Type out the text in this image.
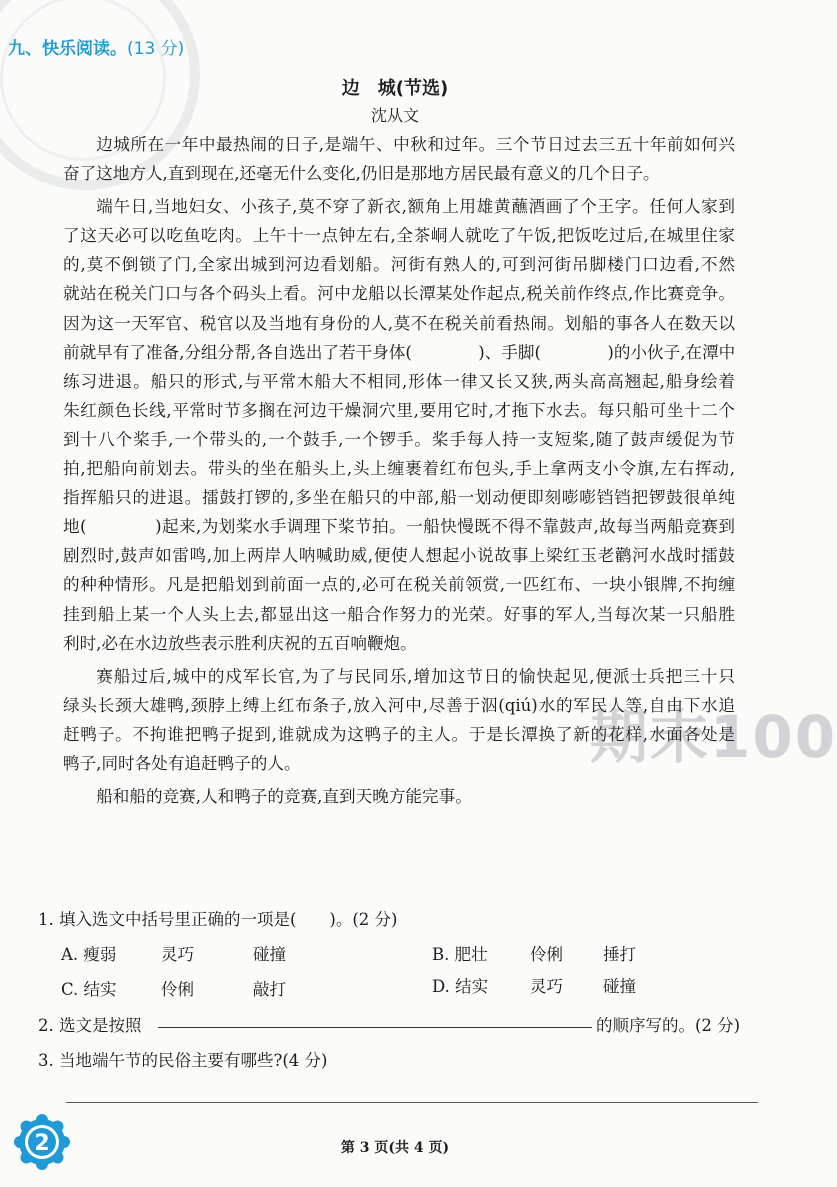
九、快乐阅读。(13 分)
边　城(节选)
沈从文

边城所在一年中最热闹的日子,是端午、中秋和过年。三个节日过去三五十年前如何兴
奋了这地方人,直到现在,还毫无什么变化,仍旧是那地方居民最有意义的几个日子。

端午日,当地妇女、小孩子,莫不穿了新衣,额角上用雄黄蘸酒画了个王字。任何人家到
了这天必可以吃鱼吃肉。上午十一点钟左右,全茶峒人就吃了午饭,把饭吃过后,在城里住家
的,莫不倒锁了门,全家出城到河边看划船。河街有熟人的,可到河街吊脚楼门口边看,不然
就站在税关门口与各个码头上看。河中龙船以长潭某处作起点,税关前作终点,作比赛竞争。
因为这一天军官、税官以及当地有身份的人,莫不在税关前看热闹。划船的事各人在数天以
前就早有了准备,分组分帮,各自选出了若干身体(　　　　)、手脚(　　　　)的小伙子,在潭中
练习进退。船只的形式,与平常木船大不相同,形体一律又长又狭,两头高高翘起,船身绘着
朱红颜色长线,平常时节多搁在河边干燥洞穴里,要用它时,才拖下水去。每只船可坐十二个
到十八个桨手,一个带头的,一个鼓手,一个锣手。桨手每人持一支短桨,随了鼓声缓促为节
拍,把船向前划去。带头的坐在船头上,头上缠裹着红布包头,手上拿两支小令旗,左右挥动,
指挥船只的进退。擂鼓打锣的,多坐在船只的中部,船一划动便即刻嘭嘭铛铛把锣鼓很单纯
地(　　　　)起来,为划桨水手调理下桨节拍。一船快慢既不得不靠鼓声,故每当两船竞赛到
剧烈时,鼓声如雷鸣,加上两岸人呐喊助威,便使人想起小说故事上梁红玉老鹳河水战时擂鼓
的种种情形。凡是把船划到前面一点的,必可在税关前领赏,一匹红布、一块小银牌,不拘缠
挂到船上某一个人头上去,都显出这一船合作努力的光荣。好事的军人,当每次某一只船胜
利时,必在水边放些表示胜利庆祝的五百响鞭炮。

赛船过后,城中的戍军长官,为了与民同乐,增加这节日的愉快起见,便派士兵把三十只
绿头长颈大雄鸭,颈脖上缚上红布条子,放入河中,尽善于泅(qiú)水的军民人等,自由下水追
赶鸭子。不拘谁把鸭子捉到,谁就成为这鸭子的主人。于是长潭换了新的花样,水面各处是
鸭子,同时各处有追赶鸭子的人。

船和船的竞赛,人和鸭子的竞赛,直到天晚方能完事。

1. 填入选文中括号里正确的一项是(　　)。(2 分)
A. 瘦弱	灵巧	碰撞	B. 肥壮	伶俐 捶打
C. 结实	伶俐	敲打	D. 结实	灵巧 碰撞
2. 选文是按照	的顺序写的。(2 分)
3. 当地端午节的民俗主要有哪些?(4 分)
期末100
2	第 3 页(共 4 页)
